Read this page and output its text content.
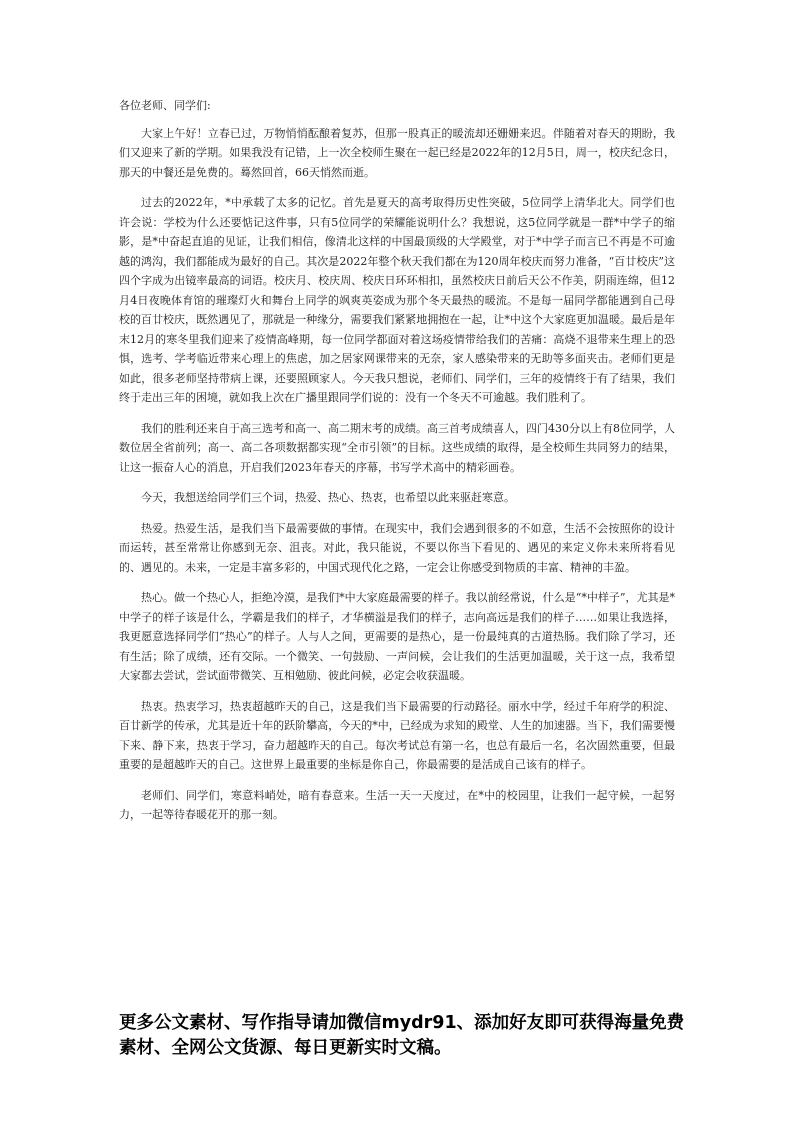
各位老师、同学们:

大家上午好！立春已过，万物悄悄酝酿着复苏，但那一股真正的暖流却还姗姗来迟。伴随着对春天的期盼，我们又迎来了新的学期。如果我没有记错，上一次全校师生聚在一起已经是2022年的12月5日，周一，校庆纪念日，那天的中餐还是免费的。蓦然回首，66天悄然而逝。

过去的2022年，*中承载了太多的记忆。首先是夏天的高考取得历史性突破，5位同学上清华北大。同学们也许会说：学校为什么还要惦记这件事，只有5位同学的荣耀能说明什么？我想说，这5位同学就是一群*中学子的缩影，是*中奋起直追的见证，让我们相信，像清北这样的中国最顶级的大学殿堂，对于*中学子而言已不再是不可逾越的鸿沟，我们都能成为最好的自己。其次是2022年整个秋天我们都在为120周年校庆而努力准备，“百廿校庆”这四个字成为出镜率最高的词语。校庆月、校庆周、校庆日环环相扣，虽然校庆日前后天公不作美，阴雨连绵，但12月4日夜晚体育馆的璀璨灯火和舞台上同学的飒爽英姿成为那个冬天最热的暖流。不是每一届同学都能遇到自己母校的百廿校庆，既然遇见了，那就是一种缘分，需要我们紧紧地拥抱在一起，让*中这个大家庭更加温暖。最后是年末12月的寒冬里我们迎来了疫情高峰期，每一位同学都面对着这场疫情带给我们的苦痛：高烧不退带来生理上的恐惧，选考、学考临近带来心理上的焦虑，加之居家网课带来的无奈，家人感染带来的无助等多面夹击。老师们更是如此，很多老师坚持带病上课，还要照顾家人。今天我只想说，老师们、同学们，三年的疫情终于有了结果，我们终于走出三年的困境，就如我上次在广播里跟同学们说的：没有一个冬天不可逾越。我们胜利了。

我们的胜利还来自于高三选考和高一、高二期末考的成绩。高三首考成绩喜人，四门430分以上有8位同学，人数位居全省前列；高一、高二各项数据都实现“全市引领”的目标。这些成绩的取得，是全校师生共同努力的结果，让这一振奋人心的消息，开启我们2023年春天的序幕，书写学术高中的精彩画卷。

今天，我想送给同学们三个词，热爱、热心、热衷，也希望以此来驱赶寒意。

热爱。热爱生活，是我们当下最需要做的事情。在现实中，我们会遇到很多的不如意，生活不会按照你的设计而运转，甚至常常让你感到无奈、沮丧。对此，我只能说，不要以你当下看见的、遇见的来定义你未来所将看见的、遇见的。未来，一定是丰富多彩的，中国式现代化之路，一定会让你感受到物质的丰富、精神的丰盈。

热心。做一个热心人，拒绝冷漠，是我们*中大家庭最需要的样子。我以前经常说，什么是“*中样子”，尤其是*中学子的样子该是什么，学霸是我们的样子，才华横溢是我们的样子，志向高远是我们的样子……如果让我选择，我更愿意选择同学们“热心”的样子。人与人之间，更需要的是热心，是一份最纯真的古道热肠。我们除了学习，还有生活；除了成绩，还有交际。一个微笑、一句鼓励、一声问候，会让我们的生活更加温暖，关于这一点，我希望大家都去尝试，尝试面带微笑、互相勉励、彼此问候，必定会收获温暖。

热衷。热衷学习，热衷超越昨天的自己，这是我们当下最需要的行动路径。丽水中学，经过千年府学的积淀、百廿新学的传承，尤其是近十年的跃阶攀高，今天的*中，已经成为求知的殿堂、人生的加速器。当下，我们需要慢下来、静下来，热衷于学习，奋力超越昨天的自己。每次考试总有第一名，也总有最后一名，名次固然重要，但最重要的是超越昨天的自己。这世界上最重要的坐标是你自己，你最需要的是活成自己该有的样子。

老师们、同学们，寒意料峭处，暗有春意来。生活一天一天度过，在*中的校园里，让我们一起守候，一起努力，一起等待春暖花开的那一刻。

更多公文素材、写作指导请加微信mydr91、添加好友即可获得海量免费素材、全网公文货源、每日更新实时文稿。
